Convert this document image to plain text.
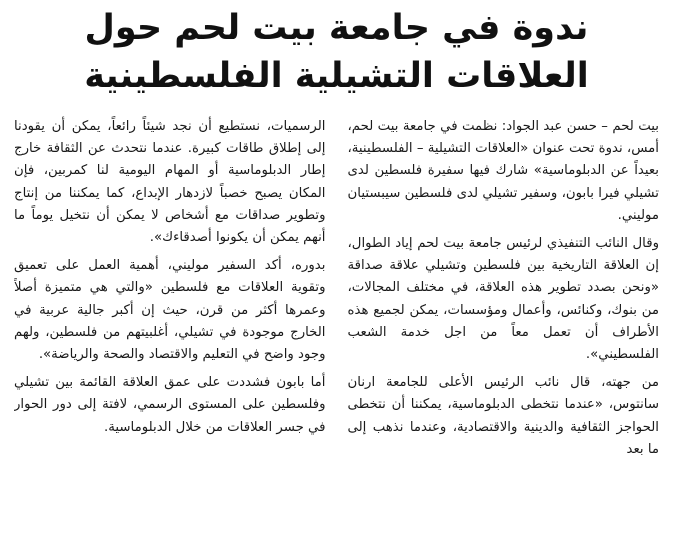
ندوة في جامعة بيت لحم حول
العلاقات التشيلية الفلسطينية

بيت لحم – حسن عبد الجواد: نظمت في جامعة بيت لحم، أمس، ندوة تحت عنوان «العلاقات التشيلية – الفلسطينية، بعيداً عن الدبلوماسية» شارك فيها سفيرة فلسطين لدى تشيلي فيرا بابون، وسفير تشيلي لدى فلسطين سيبستيان موليني.

وقال النائب التنفيذي لرئيس جامعة بيت لحم إياد الطوال، إن العلاقة التاريخية بين فلسطين وتشيلي علاقة صداقة «ونحن بصدد تطوير هذه العلاقة، في مختلف المجالات، من بنوك، وكنائس، وأعمال ومؤسسات، يمكن لجميع هذه الأطراف أن تعمل معاً من اجل خدمة الشعب الفلسطيني».

من جهته، قال نائب الرئيس الأعلى للجامعة ارنان سانتوس، «عندما نتخطى الدبلوماسية، يمكننا أن نتخطى الحواجز الثقافية والدينية والاقتصادية، وعندما نذهب إلى ما بعد

الرسميات، نستطيع أن نجد شيئاً رائعاً، يمكن أن يقودنا إلى إطلاق طاقات كبيرة. عندما نتحدث عن الثقافة خارج إطار الدبلوماسية أو المهام اليومية لنا كمربين، فإن المكان يصبح خصباً لازدهار الإبداع، كما يمكننا من إنتاج وتطوير صداقات مع أشخاص لا يمكن أن نتخيل يوماً ما أنهم يمكن أن يكونوا أصدقاءك».

بدوره، أكد السفير موليني، أهمية العمل على تعميق وتقوية العلاقات مع فلسطين «والتي هي متميزة أصلاً وعمرها أكثر من قرن، حيث إن أكبر جالية عربية في الخارج موجودة في تشيلي، أغلبيتهم من فلسطين، ولهم وجود واضح في التعليم والاقتصاد والصحة والرياضة».

أما بابون فشددت على عمق العلاقة القائمة بين تشيلي وفلسطين على المستوى الرسمي، لافتة إلى دور الحوار في جسر العلاقات من خلال الدبلوماسية.
